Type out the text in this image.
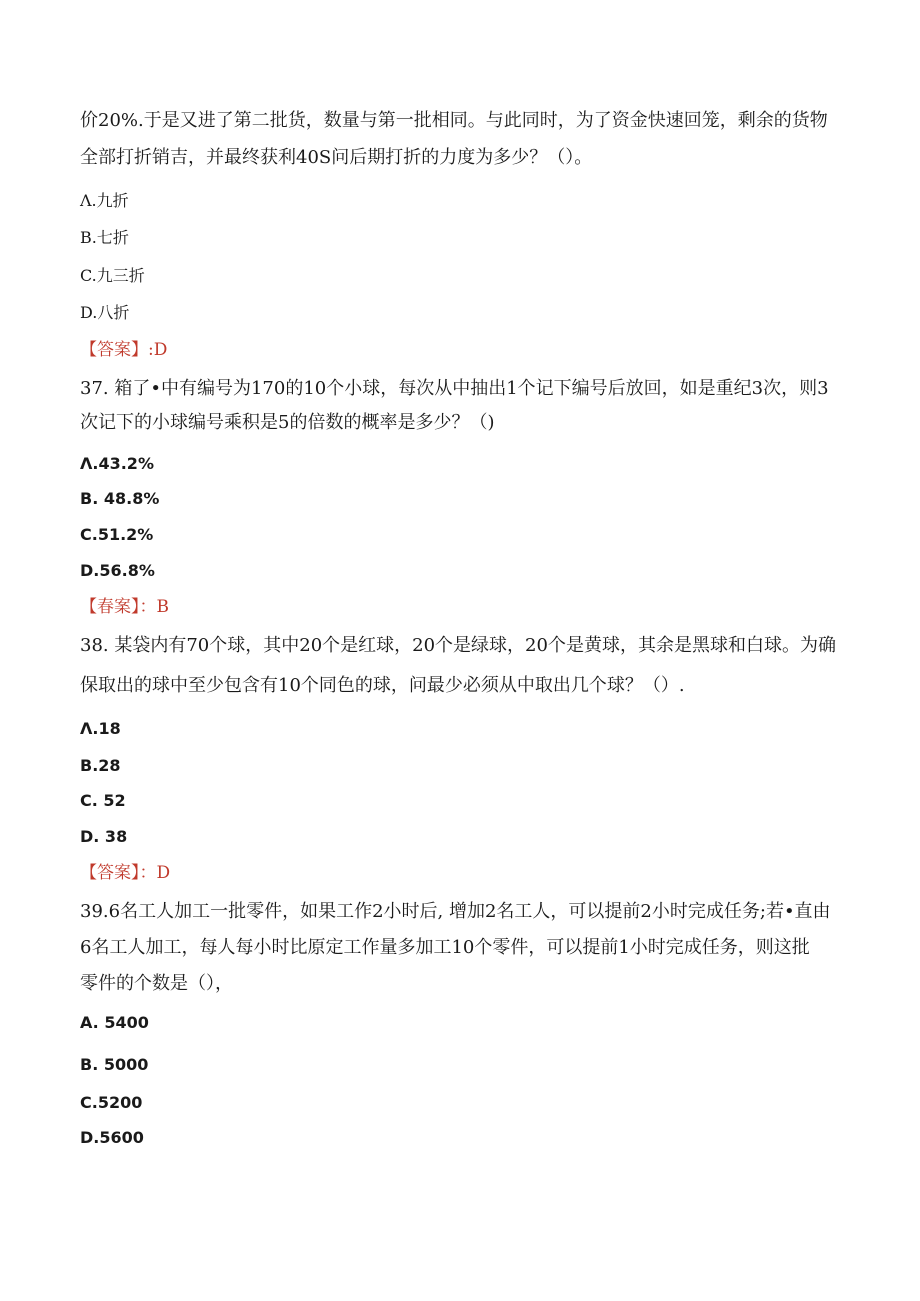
价20%.于是又进了第二批货，数量与第一批相同。与此同时，为了资金快速回笼，剩余的货物
全部打折销吉，并最终获利40S问后期打折的力度为多少？（）。
Λ.九折
B.七折
C.九三折
D.八折
【答案】:D
37. 箱了•中有编号为170的10个小球，每次从中抽出1个记下编号后放回，如是重纪3次，则3
次记下的小球编号乘积是5的倍数的概率是多少？（)
Λ.43.2%
B. 48.8%
C.51.2%
D.56.8%
【春案】：B
38. 某袋内有70个球，其中20个是红球，20个是绿球，20个是黄球，其余是黑球和白球。为确
保取出的球中至少包含有10个同色的球，问最少必须从中取出几个球？（）.
Λ.18
B.28
C. 52
D. 38
【答案】：D
39.6名工人加工一批零件，如果工作2小时后, 增加2名工人，可以提前2小时完成任务;若•直由
6名工人加工，每人每小时比原定工作量多加工10个零件，可以提前1小时完成任务，则这批
零件的个数是（），
A. 5400
B. 5000
C.5200
D.5600
